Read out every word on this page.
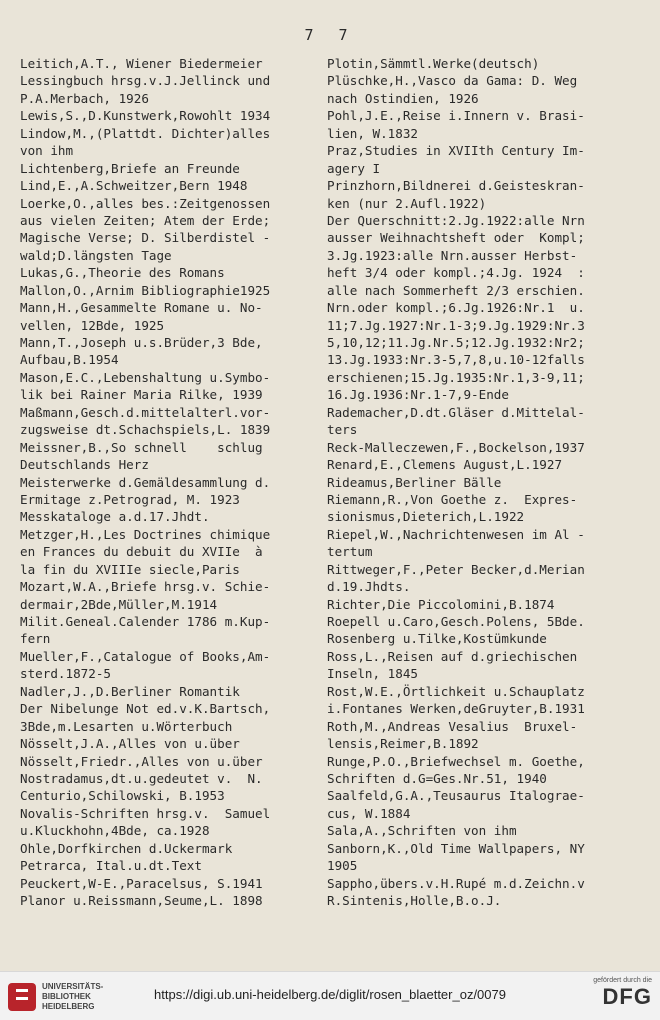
7 7
Leitich,A.T., Wiener Biedermeier
Lessingbuch hrsg.v.J.Jellinck und
P.A.Merbach, 1926
Lewis,S.,D.Kunstwerk,Rowohlt 1934
Lindow,M.,(Plattdt. Dichter)alles
von ihm
Lichtenberg,Briefe an Freunde
Lind,E.,A.Schweitzer,Bern 1948
Loerke,O.,alles bes.:Zeitgenossen
aus vielen Zeiten; Atem der Erde;
Magische Verse; D. Silberdistel -
wald;D.längsten Tage
Lukas,G.,Theorie des Romans
Mallon,O.,Arnim Bibliographie1925
Mann,H.,Gesammelte Romane u. No-
vellen, 12Bde, 1925
Mann,T.,Joseph u.s.Brüder,3 Bde,
Aufbau,B.1954
Mason,E.C.,Lebenshaltung u.Symbo-
lik bei Rainer Maria Rilke, 1939
Maßmann,Gesch.d.mittelalterl.vor-
zugsweise dt.Schachspiels,L. 1839
Meissner,B.,So schnell    schlug
Deutschlands Herz
Meisterwerke d.Gemäldesammlung d.
Ermitage z.Petrograd, M. 1923
Messkataloge a.d.17.Jhdt.
Metzger,H.,Les Doctrines chimique
en Frances du debuit du XVIIe  à
la fin du XVIIIe siecle,Paris
Mozart,W.A.,Briefe hrsg.v. Schie-
dermair,2Bde,Müller,M.1914
Milit.Geneal.Calender 1786 m.Kup-
fern
Mueller,F.,Catalogue of Books,Am-
sterd.1872-5
Nadler,J.,D.Berliner Romantik
Der Nibelunge Not ed.v.K.Bartsch,
3Bde,m.Lesarten u.Wörterbuch
Nösselt,J.A.,Alles von u.über
Nösselt,Friedr.,Alles von u.über
Nostradamus,dt.u.gedeutet v.  N.
Centurio,Schilowski, B.1953
Novalis-Schriften hrsg.v.  Samuel
u.Kluckhohn,4Bde, ca.1928
Ohle,Dorfkirchen d.Uckermark
Petrarca, Ital.u.dt.Text
Peuckert,W-E.,Paracelsus, S.1941
Planor u.Reissmann,Seume,L. 1898
Plotin,Sämmtl.Werke(deutsch)
Plüschke,H.,Vasco da Gama: D. Weg
nach Ostindien, 1926
Pohl,J.E.,Reise i.Innern v. Brasi-
lien, W.1832
Praz,Studies in XVIIth Century Im-
agery I
Prinzhorn,Bildnerei d.Geisteskran-
ken (nur 2.Aufl.1922)
Der Querschnitt:2.Jg.1922:alle Nrn
ausser Weihnachtsheft oder  Kompl;
3.Jg.1923:alle Nrn.ausser Herbst-
heft 3/4 oder kompl.;4.Jg. 1924  :
alle nach Sommerheft 2/3 erschien.
Nrn.oder kompl.;6.Jg.1926:Nr.1  u.
11;7.Jg.1927:Nr.1-3;9.Jg.1929:Nr.3
5,10,12;11.Jg.Nr.5;12.Jg.1932:Nr2;
13.Jg.1933:Nr.3-5,7,8,u.10-12falls
erschienen;15.Jg.1935:Nr.1,3-9,11;
16.Jg.1936:Nr.1-7,9-Ende
Rademacher,D.dt.Gläser d.Mittelal-
ters
Reck-Malleczewen,F.,Bockelson,1937
Renard,E.,Clemens August,L.1927
Rideamus,Berliner Bälle
Riemann,R.,Von Goethe z.  Expres-
sionismus,Dieterich,L.1922
Riepel,W.,Nachrichtenwesen im Al -
tertum
Rittweger,F.,Peter Becker,d.Merian
d.19.Jhdts.
Richter,Die Piccolomini,B.1874
Roepell u.Caro,Gesch.Polens, 5Bde.
Rosenberg u.Tilke,Kostümkunde
Ross,L.,Reisen auf d.griechischen
Inseln, 1845
Rost,W.E.,Örtlichkeit u.Schauplatz
i.Fontanes Werken,deGruyter,B.1931
Roth,M.,Andreas Vesalius  Bruxel-
lensis,Reimer,B.1892
Runge,P.O.,Briefwechsel m. Goethe,
Schriften d.G=Ges.Nr.51, 1940
Saalfeld,G.A.,Teusaurus Italograe-
cus, W.1884
Sala,A.,Schriften von ihm
Sanborn,K.,Old Time Wallpapers, NY
1905
Sappho,übers.v.H.Rupé m.d.Zeichn.v
R.Sintenis,Holle,B.o.J.
UNIVERSITÄTS-
BIBLIOTHEK
HEIDELBERG
https://digi.ub.uni-heidelberg.de/diglit/rosen_blaetter_oz/0079
gefördert durch die
DFG
